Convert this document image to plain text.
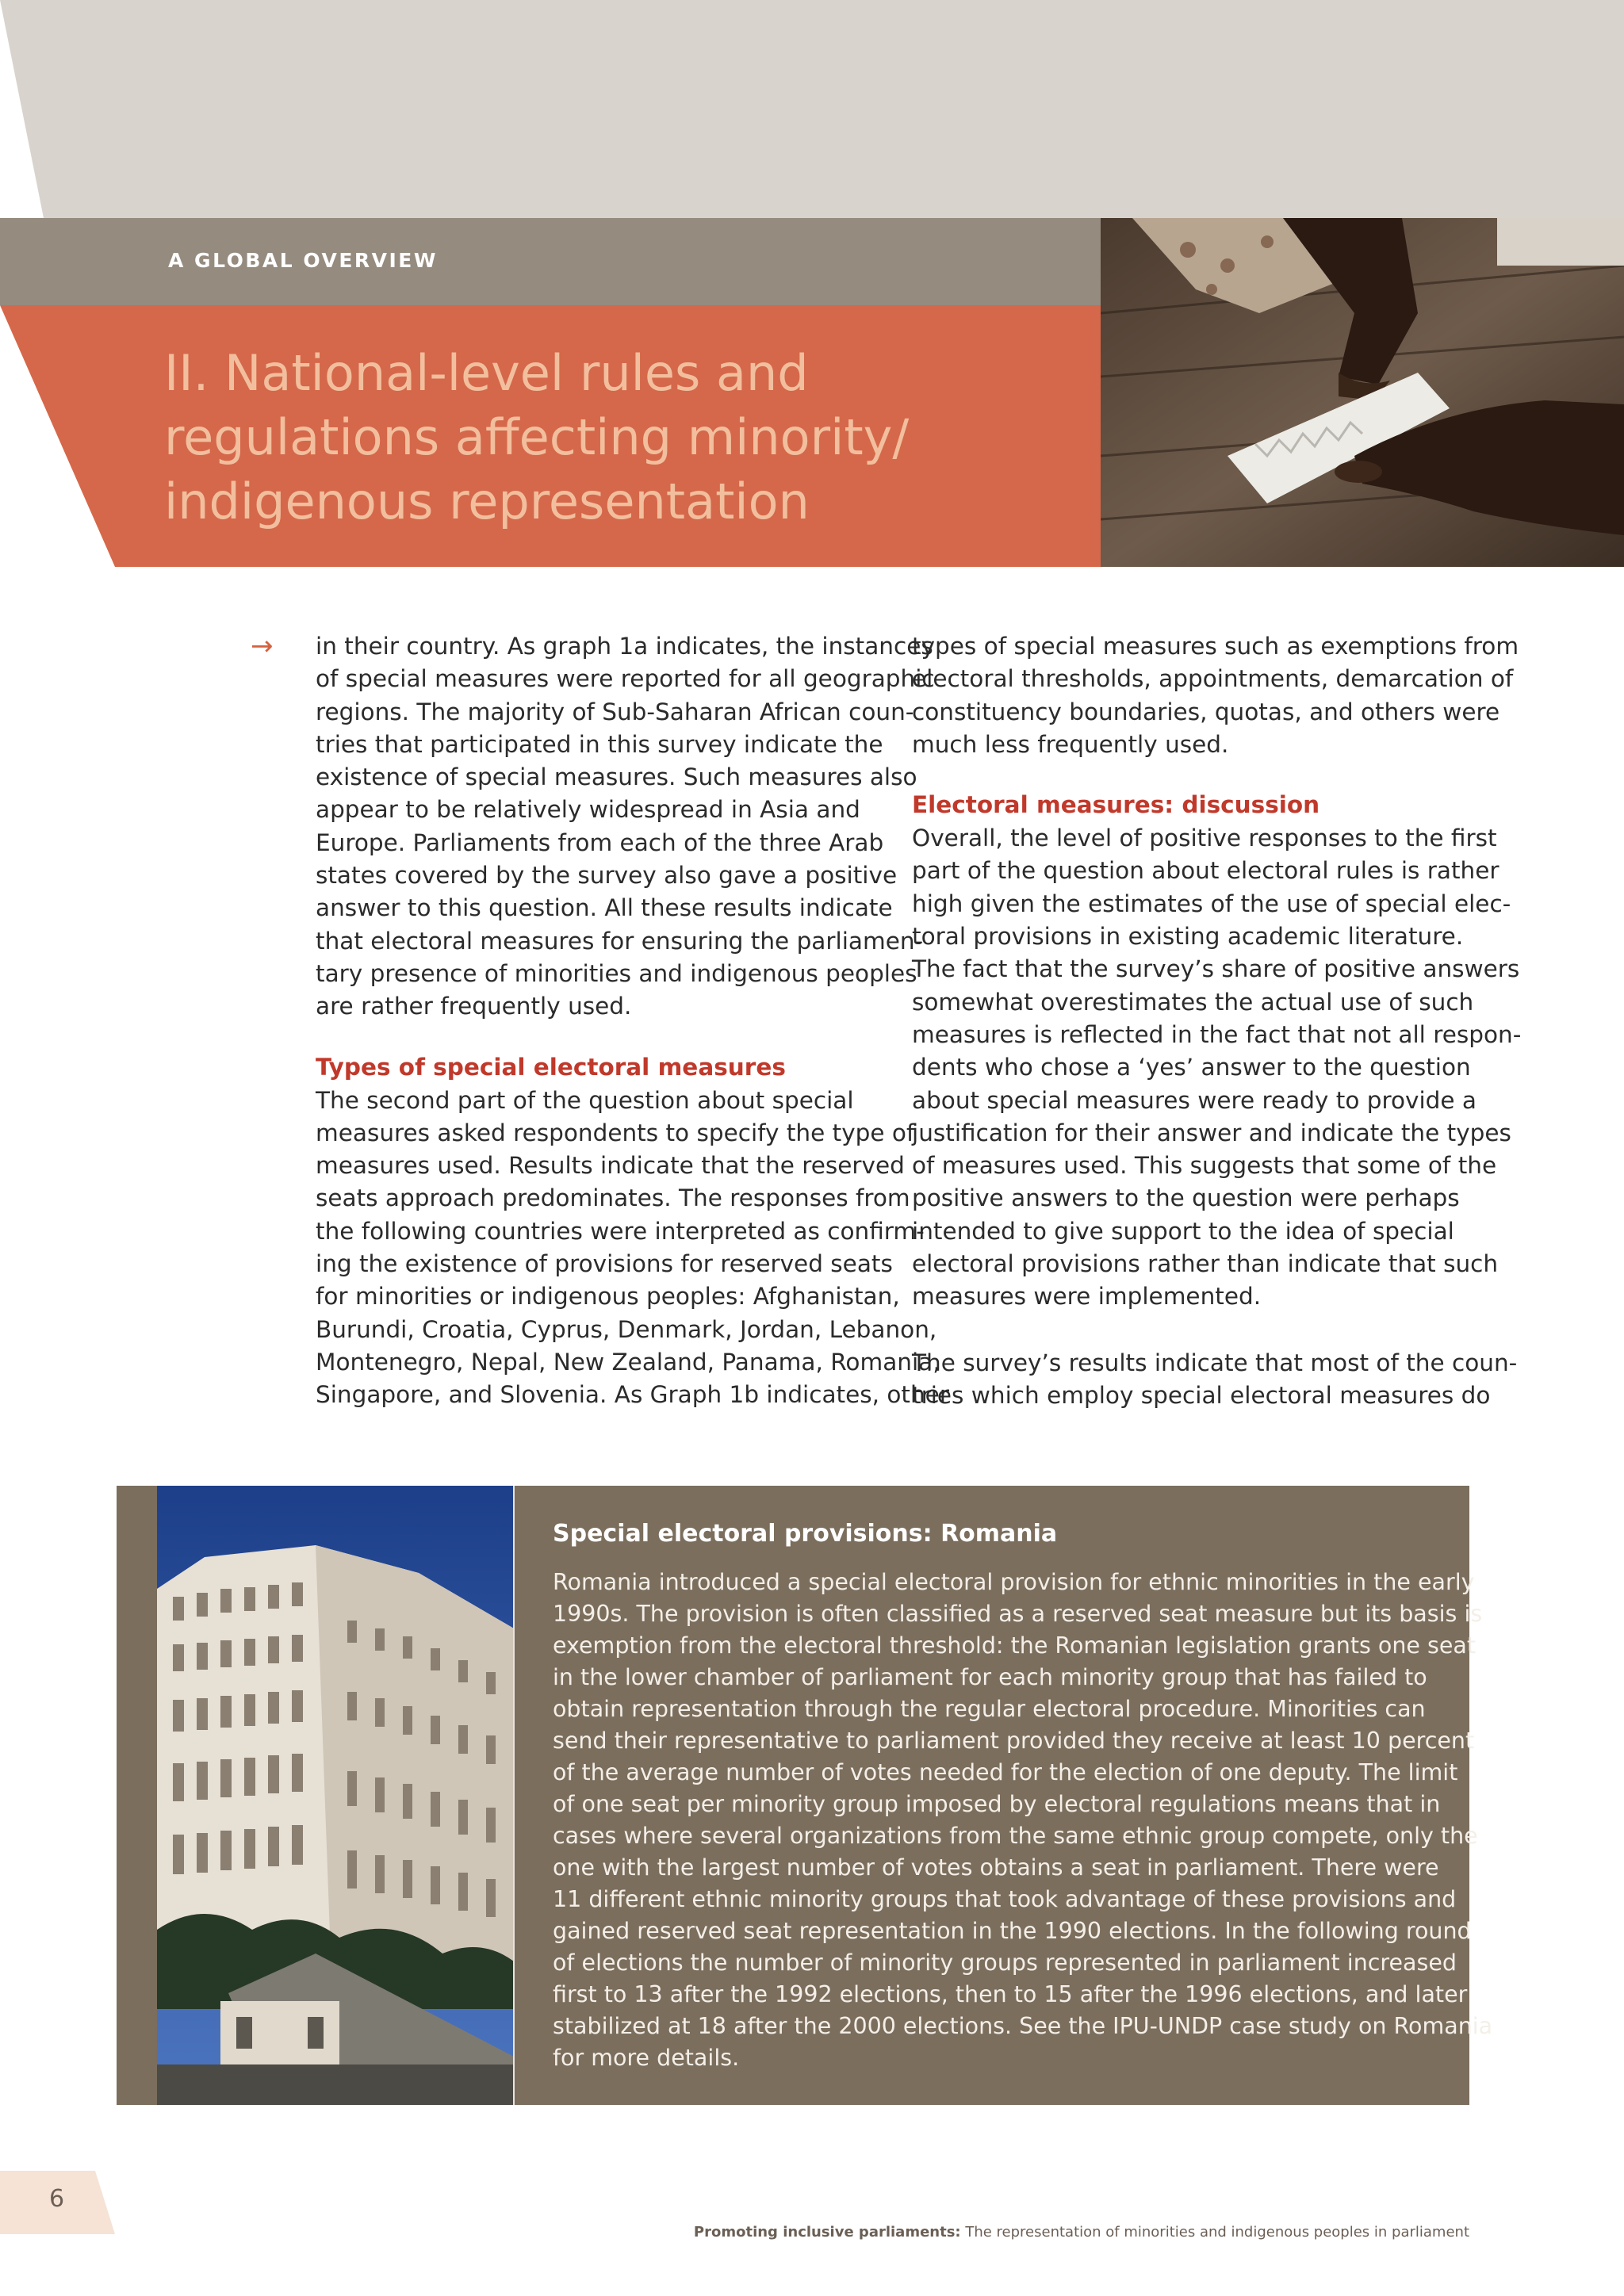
A GLOBAL OVERVIEW
II. National-level rules and
regulations affecting minority/
indigenous representation
→ in their country. As graph 1a indicates, the instances
of special measures were reported for all geographic
regions. The majority of Sub-Saharan African coun-
tries that participated in this survey indicate the
existence of special measures. Such measures also
appear to be relatively widespread in Asia and
Europe. Parliaments from each of the three Arab
states covered by the survey also gave a positive
answer to this question. All these results indicate
that electoral measures for ensuring the parliamen-
tary presence of minorities and indigenous peoples
are rather frequently used.

Types of special electoral measures

The second part of the question about special
measures asked respondents to specify the type of
measures used. Results indicate that the reserved
seats approach predominates. The responses from
the following countries were interpreted as confirm-
ing the existence of provisions for reserved seats
for minorities or indigenous peoples: Afghanistan,
Burundi, Croatia, Cyprus, Denmark, Jordan, Lebanon,
Montenegro, Nepal, New Zealand, Panama, Romania,
Singapore, and Slovenia. As Graph 1b indicates, other

types of special measures such as exemptions from
electoral thresholds, appointments, demarcation of
constituency boundaries, quotas, and others were
much less frequently used.

Electoral measures: discussion

Overall, the level of positive responses to the first
part of the question about electoral rules is rather
high given the estimates of the use of special elec-
toral provisions in existing academic literature.
The fact that the survey’s share of positive answers
somewhat overestimates the actual use of such
measures is reflected in the fact that not all respon-
dents who chose a ‘yes’ answer to the question
about special measures were ready to provide a
justification for their answer and indicate the types
of measures used. This suggests that some of the
positive answers to the question were perhaps
intended to give support to the idea of special
electoral provisions rather than indicate that such
measures were implemented.

The survey’s results indicate that most of the coun-
tries which employ special electoral measures do

Special electoral provisions: Romania
Romania introduced a special electoral provision for ethnic minorities in the early
1990s. The provision is often classified as a reserved seat measure but its basis is
exemption from the electoral threshold: the Romanian legislation grants one seat
in the lower chamber of parliament for each minority group that has failed to
obtain representation through the regular electoral procedure. Minorities can
send their representative to parliament provided they receive at least 10 percent
of the average number of votes needed for the election of one deputy. The limit
of one seat per minority group imposed by electoral regulations means that in
cases where several organizations from the same ethnic group compete, only the
one with the largest number of votes obtains a seat in parliament. There were
11 different ethnic minority groups that took advantage of these provisions and
gained reserved seat representation in the 1990 elections. In the following round
of elections the number of minority groups represented in parliament increased
first to 13 after the 1992 elections, then to 15 after the 1996 elections, and later
stabilized at 18 after the 2000 elections. See the IPU-UNDP case study on Romania
for more details.
6
Promoting inclusive parliaments: The representation of minorities and indigenous peoples in parliament
